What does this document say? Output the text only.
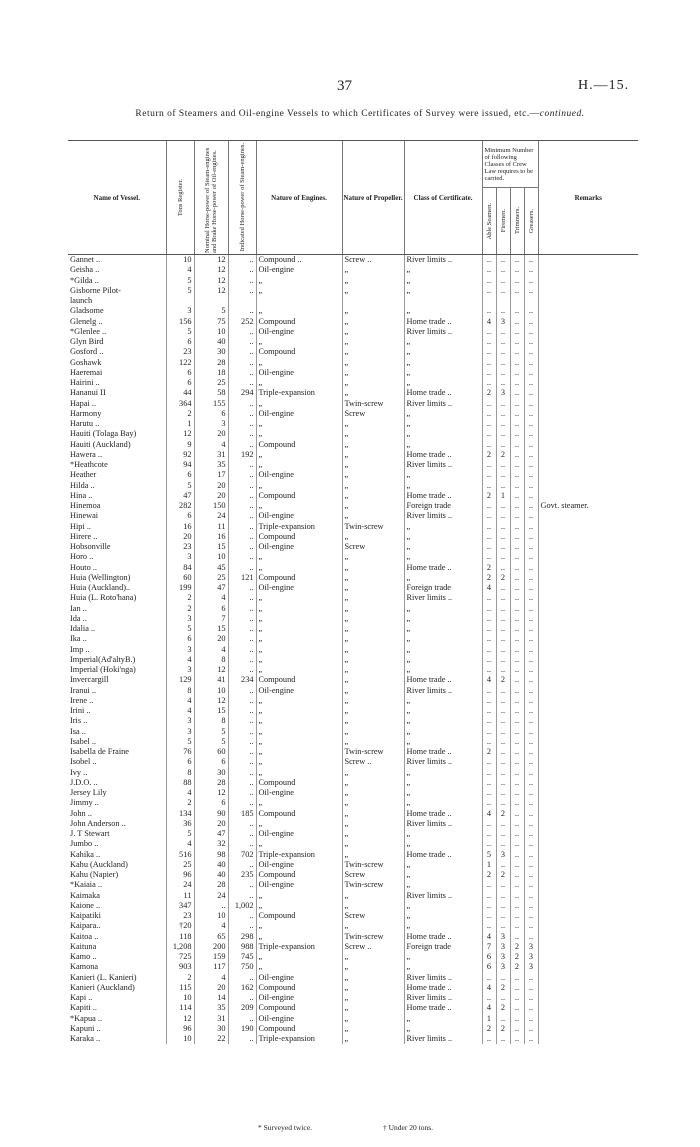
37	H.—15.
Return of Steamers and Oil-engine Vessels to which Certificates of Survey were issued, etc.—continued.
Name of Vessel.	Tons Register.	Nominal Horse-power of Steam-engines and Brake Horse-power of Oil-engines.	Indicated Horse-power of Steam-engines.	Nature of Engines.	Nature of Propeller.	Class of Certificate.	Minimum Number of following Classes of Crew Law requires to be carried.				Remarks

							Able Seamen.	Firemen.	Trimmers.	Greasers.	

Gannet ..	10	12	..	Compound ..	Screw ..	River limits ..	..	..	..	..	
Geisha ..	4	12	..	Oil-engine	„	„	..	..	..	..	
*Gilda ..	5	12	..	„	„	„	..	..	..	..	
Gisborne Pilot-	5	12	..	„	„	„	..	..	..	..	
launch											
Gladsome	3	5	..	„	„	„	..	..	..	..	
Glenelg ..	156	75	252	Compound	„	Home trade ..	4	3	..	..	
*Glenlee ..	5	10	..	Oil-engine	„	River limits ..	..	..	..	..	
Glyn Bird	6	40	..	„	„	„	..	..	..	..	
Gosford ..	23	30	..	Compound	„	„	..	..	..	..	
Goshawk	122	28	..	„	„	„	..	..	..	..	
Haeremai	6	18	..	Oil-engine	„	„	..	..	..	..	
Hairini ..	6	25	..	„	„	„	..	..	..	..	
Hananui II	44	58	294	Triple-expansion	„	Home trade ..	2	3	..	..	
Hapai ..	364	155	..	„	Twin-screw	River limits ..	..	..	..	..	
Harmony	2	6	..	Oil-engine	Screw	„	..	..	..	..	
Harutu ..	1	3	..	„	„	„	..	..	..	..	
Hauiti (Tolaga Bay)	12	20	..	„	„	„	..	..	..	..	
Hauiti (Auckland)	9	4	..	Compound	„	„	..	..	..	..	
Hawera ..	92	31	192	„	„	Home trade ..	2	2	..	..	
*Heathcote	94	35	..	„	„	River limits ..	..	..	..	..	
Heather	6	17	..	Oil-engine	„	„	..	..	..	..	
Hilda ..	5	20	..	„	„	„	..	..	..	..	
Hina ..	47	20	..	Compound	„	Home trade ..	2	1	..	..	
Hinemoa	282	150	..	„	„	Foreign trade	..	..	..	..	Govt. steamer.
Hinewai	6	24	..	Oil-engine	„	River limits ..	..	..	..	..	
Hipi ..	16	11	..	Triple-expansion	Twin-screw	„	..	..	..	..	
Hirere ..	20	16	..	Compound	„	„	..	..	..	..	
Hobsonville	23	15	..	Oil-engine	Screw	„	..	..	..	..	
Horo ..	3	10	..	„	„	„	..	..	..	..	
Houto ..	84	45	..	„	„	Home trade ..	2	..	..	..	
Huia (Wellington)	60	25	121	Compound	„	„	2	2	..	..	
Huia (Auckland)..	199	47	..	Oil-engine	„	Foreign trade	4	..	..	..	
Huia (L. Roto'hana)	2	4	..	„	„	River limits ..	..	..	..	..	
Ian ..	2	6	..	„	„	„	..	..	..	..	
Ida ..	3	7	..	„	„	„	..	..	..	..	
Idalia ..	5	15	..	„	„	„	..	..	..	..	
Ika ..	6	20	..	„	„	„	..	..	..	..	
Imp ..	3	4	..	„	„	„	..	..	..	..	
Imperial(Ad'altyB.)	4	8	..	„	„	„	..	..	..	..	
Imperial (Hoki'nga)	3	12	..	„	„	„	..	..	..	..	
Invercargill	129	41	234	Compound	„	Home trade ..	4	2	..	..	
Iranui ..	8	10	..	Oil-engine	„	River limits ..	..	..	..	..	
Irene ..	4	12	..	„	„	„	..	..	..	..	
Irini ..	4	15	..	„	„	„	..	..	..	..	
Iris ..	3	8	..	„	„	„	..	..	..	..	
Isa ..	3	5	..	„	„	„	..	..	..	..	
Isabel ..	5	5	..	„	„	„	..	..	..	..	
Isabella de Fraine	76	60	..	„	Twin-screw	Home trade ..	2	..	..	..	
Isobel ..	6	6	..	„	Screw ..	River limits ..	..	..	..	..	
Ivy ..	8	30	..	„	„	„	..	..	..	..	
J.D.O. ..	88	28	..	Compound	„	„	..	..	..	..	
Jersey Lily	4	12	..	Oil-engine	„	„	..	..	..	..	
Jimmy ..	2	6	..	„	„	„	..	..	..	..	
John ..	134	90	185	Compound	„	Home trade ..	4	2	..	..	
John Anderson ..	36	20	..	„	„	River limits ..	..	..	..	..	
J. T Stewart	5	47	..	Oil-engine	„	„	..	..	..	..	
Jumbo ..	4	32	..	„	„	„	..	..	..	..	
Kahika ..	516	98	702	Triple-expansion	„	Home trade ..	5	3	..	..	
Kahu (Auckland)	25	40	..	Oil-engine	Twin-screw	„	1	..	..	..	
Kahu (Napier)	96	40	235	Compound	Screw	„	2	2	..	..	
*Kaiaia ..	24	28	..	Oil-engine	Twin-screw	„	..	..	..	..	
Kaimaka	11	24	..	„	„	River limits ..	..	..	..	..	
Kaione ..	347	..	1,002	„	„	„	..	..	..	..	
Kaipatiki	23	10	..	Compound	Screw	„	..	..	..	..	
Kaipara..	†20	4	..	„	„	„	..	..	..	..	
Kaitoa ..	118	65	298	„	Twin-screw	Home trade ..	4	3	..	..	
Kaituna	1,208	200	988	Triple-expansion	Screw ..	Foreign trade	7	3	2	3	
Kamo ..	725	159	745	„	„	„	6	3	2	3	
Kamona	903	117	750	„	„	„	6	3	2	3	
Kanieri (L. Kanieri)	2	4	..	Oil-engine	„	River limits ..	..	..	..	..	
Kanieri (Auckland)	115	20	162	Compound	„	Home trade ..	4	2	..	..	
Kapi ..	10	14	..	Oil-engine	„	River limits ..	..	..	..	..	
Kapiti ..	114	35	209	Compound	„	Home trade ..	4	2	..	..	
*Kapua ..	12	31	..	Oil-engine	„	„	1	..	..	..	
Kapuni ..	96	30	190	Compound	„	„	2	2	..	..	
Karaka ..	10	22	..	Triple-expansion	„	River limits ..	..	..	..	..	
* Surveyed twice.	† Under 20 tons.
